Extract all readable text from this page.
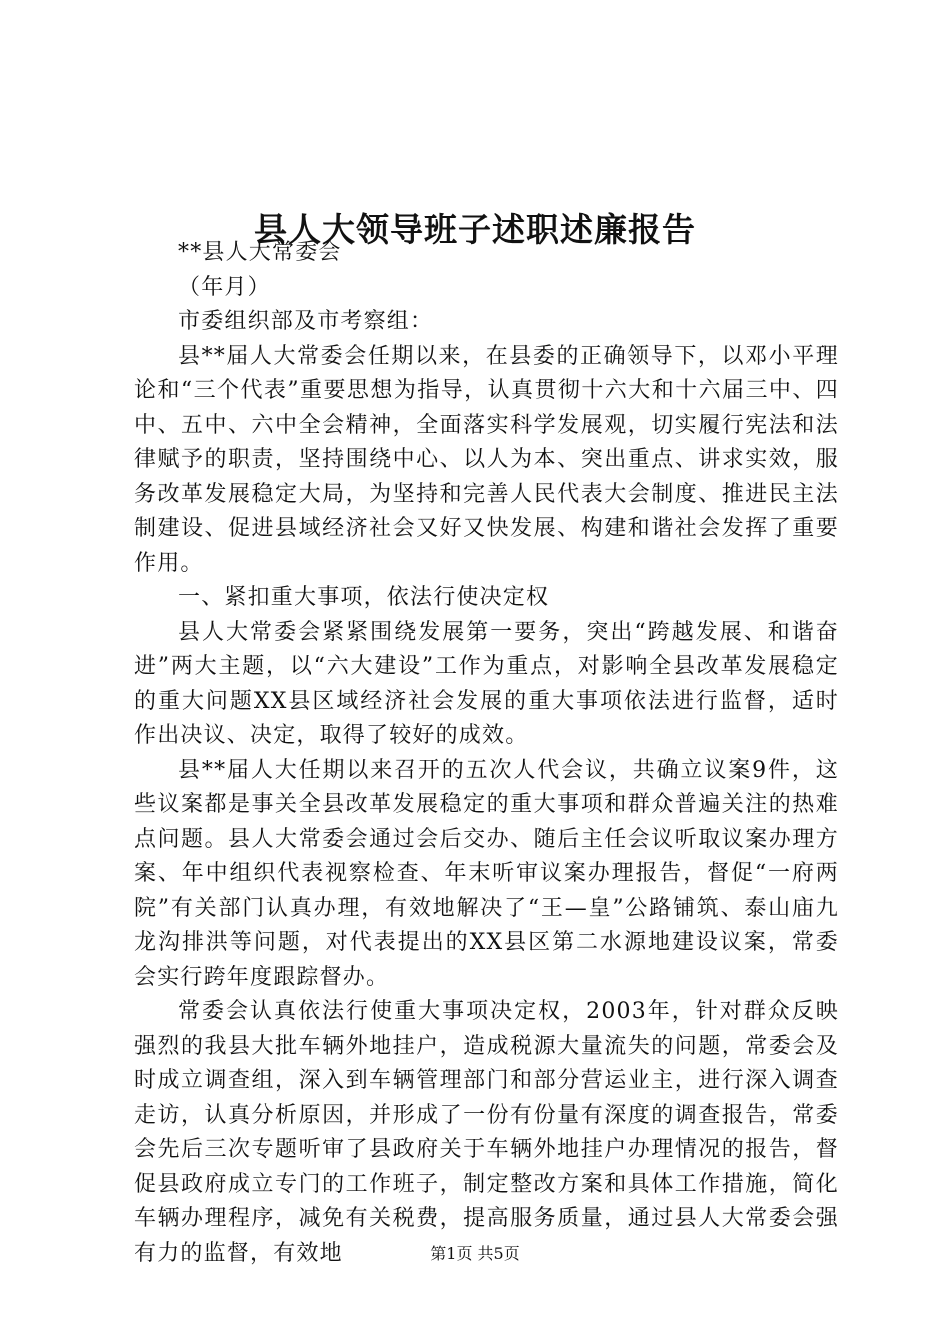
县人大领导班子述职述廉报告

**县人大常委会

（年月）

市委组织部及市考察组：

县**届人大常委会任期以来，在县委的正确领导下，以邓小平理论和“三个代表”重要思想为指导，认真贯彻十六大和十六届三中、四中、五中、六中全会精神，全面落实科学发展观，切实履行宪法和法律赋予的职责，坚持围绕中心、以人为本、突出重点、讲求实效，服务改革发展稳定大局，为坚持和完善人民代表大会制度、推进民主法制建设、促进县域经济社会又好又快发展、构建和谐社会发挥了重要作用。

一、紧扣重大事项，依法行使决定权

县人大常委会紧紧围绕发展第一要务，突出“跨越发展、和谐奋进”两大主题，以“六大建设”工作为重点，对影响全县改革发展稳定的重大问题XX县区域经济社会发展的重大事项依法进行监督，适时作出决议、决定，取得了较好的成效。

县**届人大任期以来召开的五次人代会议，共确立议案9件，这些议案都是事关全县改革发展稳定的重大事项和群众普遍关注的热难点问题。县人大常委会通过会后交办、随后主任会议听取议案办理方案、年中组织代表视察检查、年末听审议案办理报告，督促“一府两院”有关部门认真办理，有效地解决了“王—皇”公路铺筑、泰山庙九龙沟排洪等问题，对代表提出的XX县区第二水源地建设议案，常委会实行跨年度跟踪督办。

常委会认真依法行使重大事项决定权，2003年，针对群众反映强烈的我县大批车辆外地挂户，造成税源大量流失的问题，常委会及时成立调查组，深入到车辆管理部门和部分营运业主，进行深入调查走访，认真分析原因，并形成了一份有份量有深度的调查报告，常委会先后三次专题听审了县政府关于车辆外地挂户办理情况的报告，督促县政府成立专门的工作班子，制定整改方案和具体工作措施，简化车辆办理程序，减免有关税费，提高服务质量，通过县人大常委会强有力的监督，有效地	第1页 共5页
